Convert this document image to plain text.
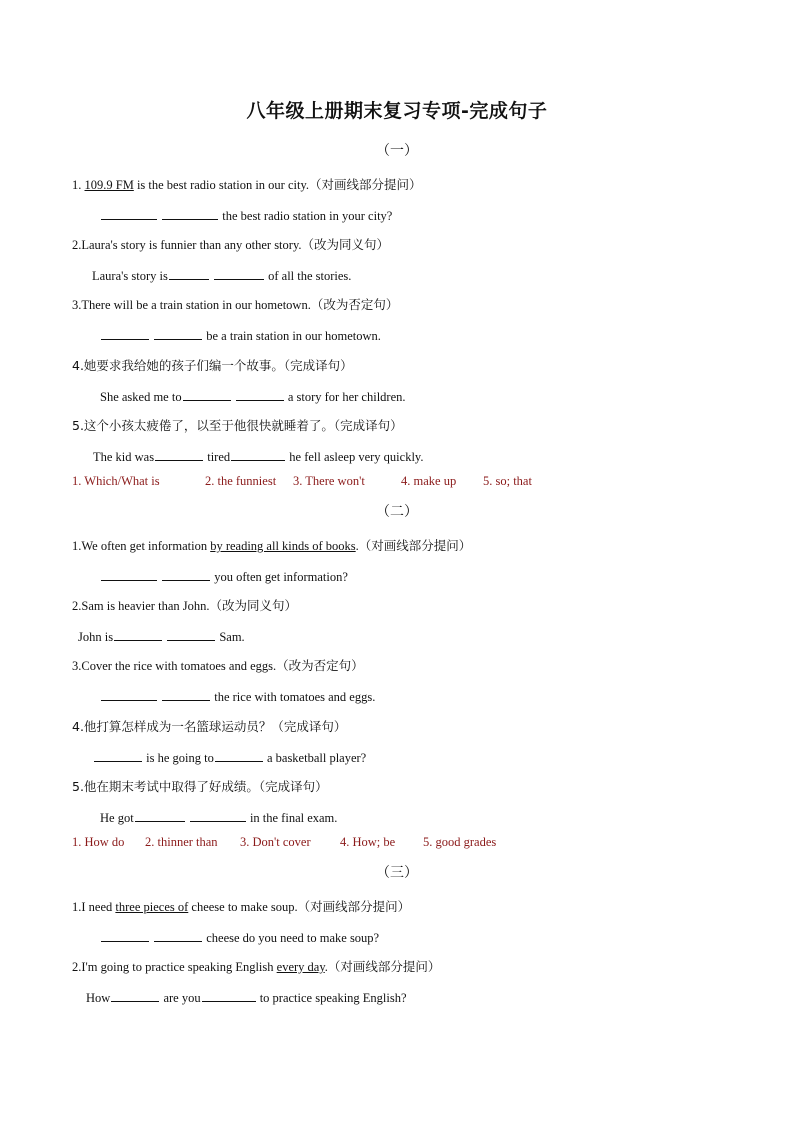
八年级上册期末复习专项-完成句子
（一）
1. 109.9 FM is the best radio station in our city.（对画线部分提问）
the best radio station in your city?
2.Laura's story is funnier than any other story.（改为同义句）
Laura's story is	of all the stories.
3.There will be a train station in our hometown.（改为否定句）
be a train station in our hometown.
4.她要求我给她的孩子们编一个故事。（完成译句）
She asked me to	a story for her children.
5.这个小孩太疲倦了，以至于他很快就睡着了。（完成译句）
The kid was	tired	he fell asleep very quickly.
1. Which/What is	2. the funniest 3. There won't	4. make up 5. so; that
（二）
1.We often get information by reading all kinds of books.（对画线部分提问）
you often get information?
2.Sam is heavier than John.（改为同义句）
John is	Sam.
3.Cover the rice with tomatoes and eggs.（改为否定句）
the rice with tomatoes and eggs.
4.他打算怎样成为一名篮球运动员？（完成译句）
is he going to	a basketball player?
5.他在期末考试中取得了好成绩。（完成译句）
He got	in the final exam.
1. How do 2. thinner than 3. Don't cover 4. How; be 5. good grades
（三）
1.I need three pieces of cheese to make soup.（对画线部分提问）
cheese do you need to make soup?
2.I'm going to practice speaking English every day.（对画线部分提问）
How	are you	to practice speaking English?
